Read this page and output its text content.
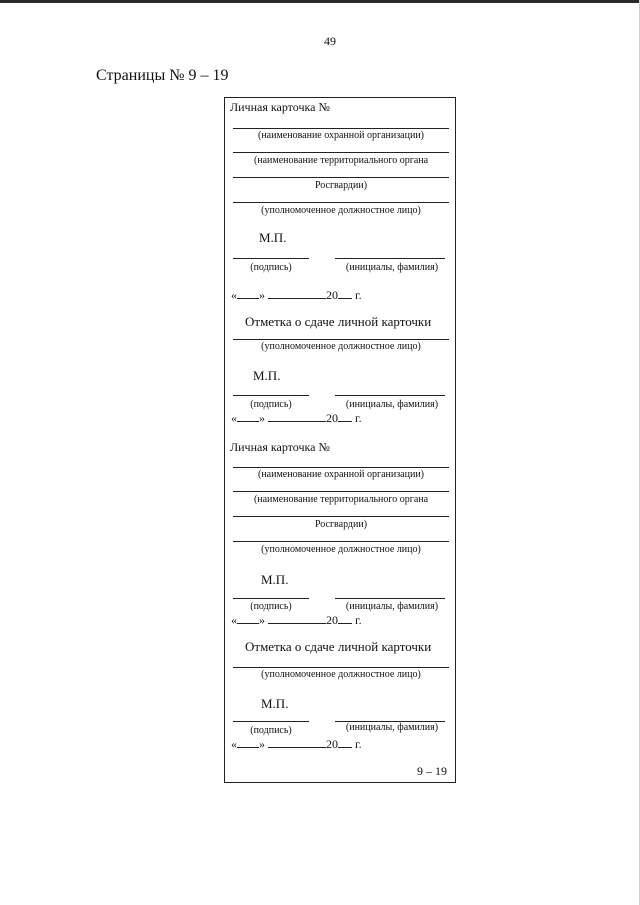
49
Страницы № 9 – 19
Личная карточка №
(наименование охранной организации)
(наименование территориального органа
Росгвардии)
(уполномоченное должностное лицо)
М.П.
(подпись)	(инициалы, фамилия)
« »	20 г.
Отметка о сдаче личной карточки
(уполномоченное должностное лицо)
М.П.
(подпись)	(инициалы, фамилия)
« »	20 г.
Личная карточка №
(наименование охранной организации)
(наименование территориального органа
Росгвардии)
(уполномоченное должностное лицо)
М.П.
(подпись)	(инициалы, фамилия)
« »	20 г.
Отметка о сдаче личной карточки
(уполномоченное должностное лицо)
М.П.
(подпись)	(инициалы, фамилия)
« »	20 г.
9 – 19
